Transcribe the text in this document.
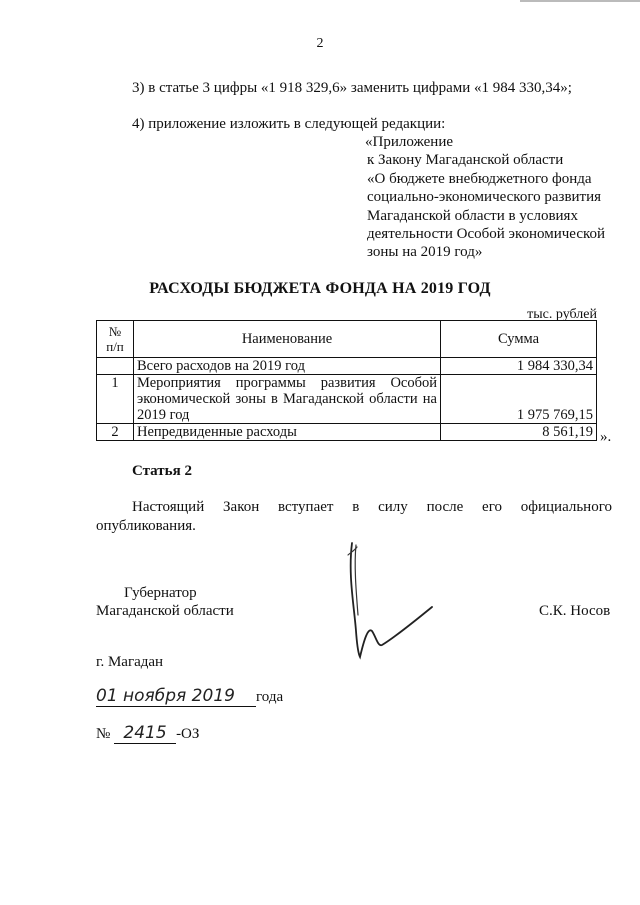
2
3) в статье 3 цифры «1 918 329,6» заменить цифрами «1 984 330,34»;
4) приложение изложить в следующей редакции:
«Приложение
к Закону Магаданской области
«О бюджете внебюджетного фонда
социально-экономического развития
Магаданской области в условиях
деятельности Особой экономической
зоны на 2019 год»
РАСХОДЫ БЮДЖЕТА ФОНДА НА 2019 ГОД
тыс. рублей
№
п/п	Наименование	Сумма
	Всего расходов на 2019 год	1 984 330,34
1	Мероприятия программы развития Особой экономической зоны в Магаданской области на 2019 год	1 975 769,15
2	Непредвиденные расходы	8 561,19 ».
Статья 2
Настоящий Закон вступает в силу после его официального
опубликования.
Губернатор
Магаданской области	С.К. Носов
г. Магадан
01 ноября 2019 года
№ 2415 -ОЗ
